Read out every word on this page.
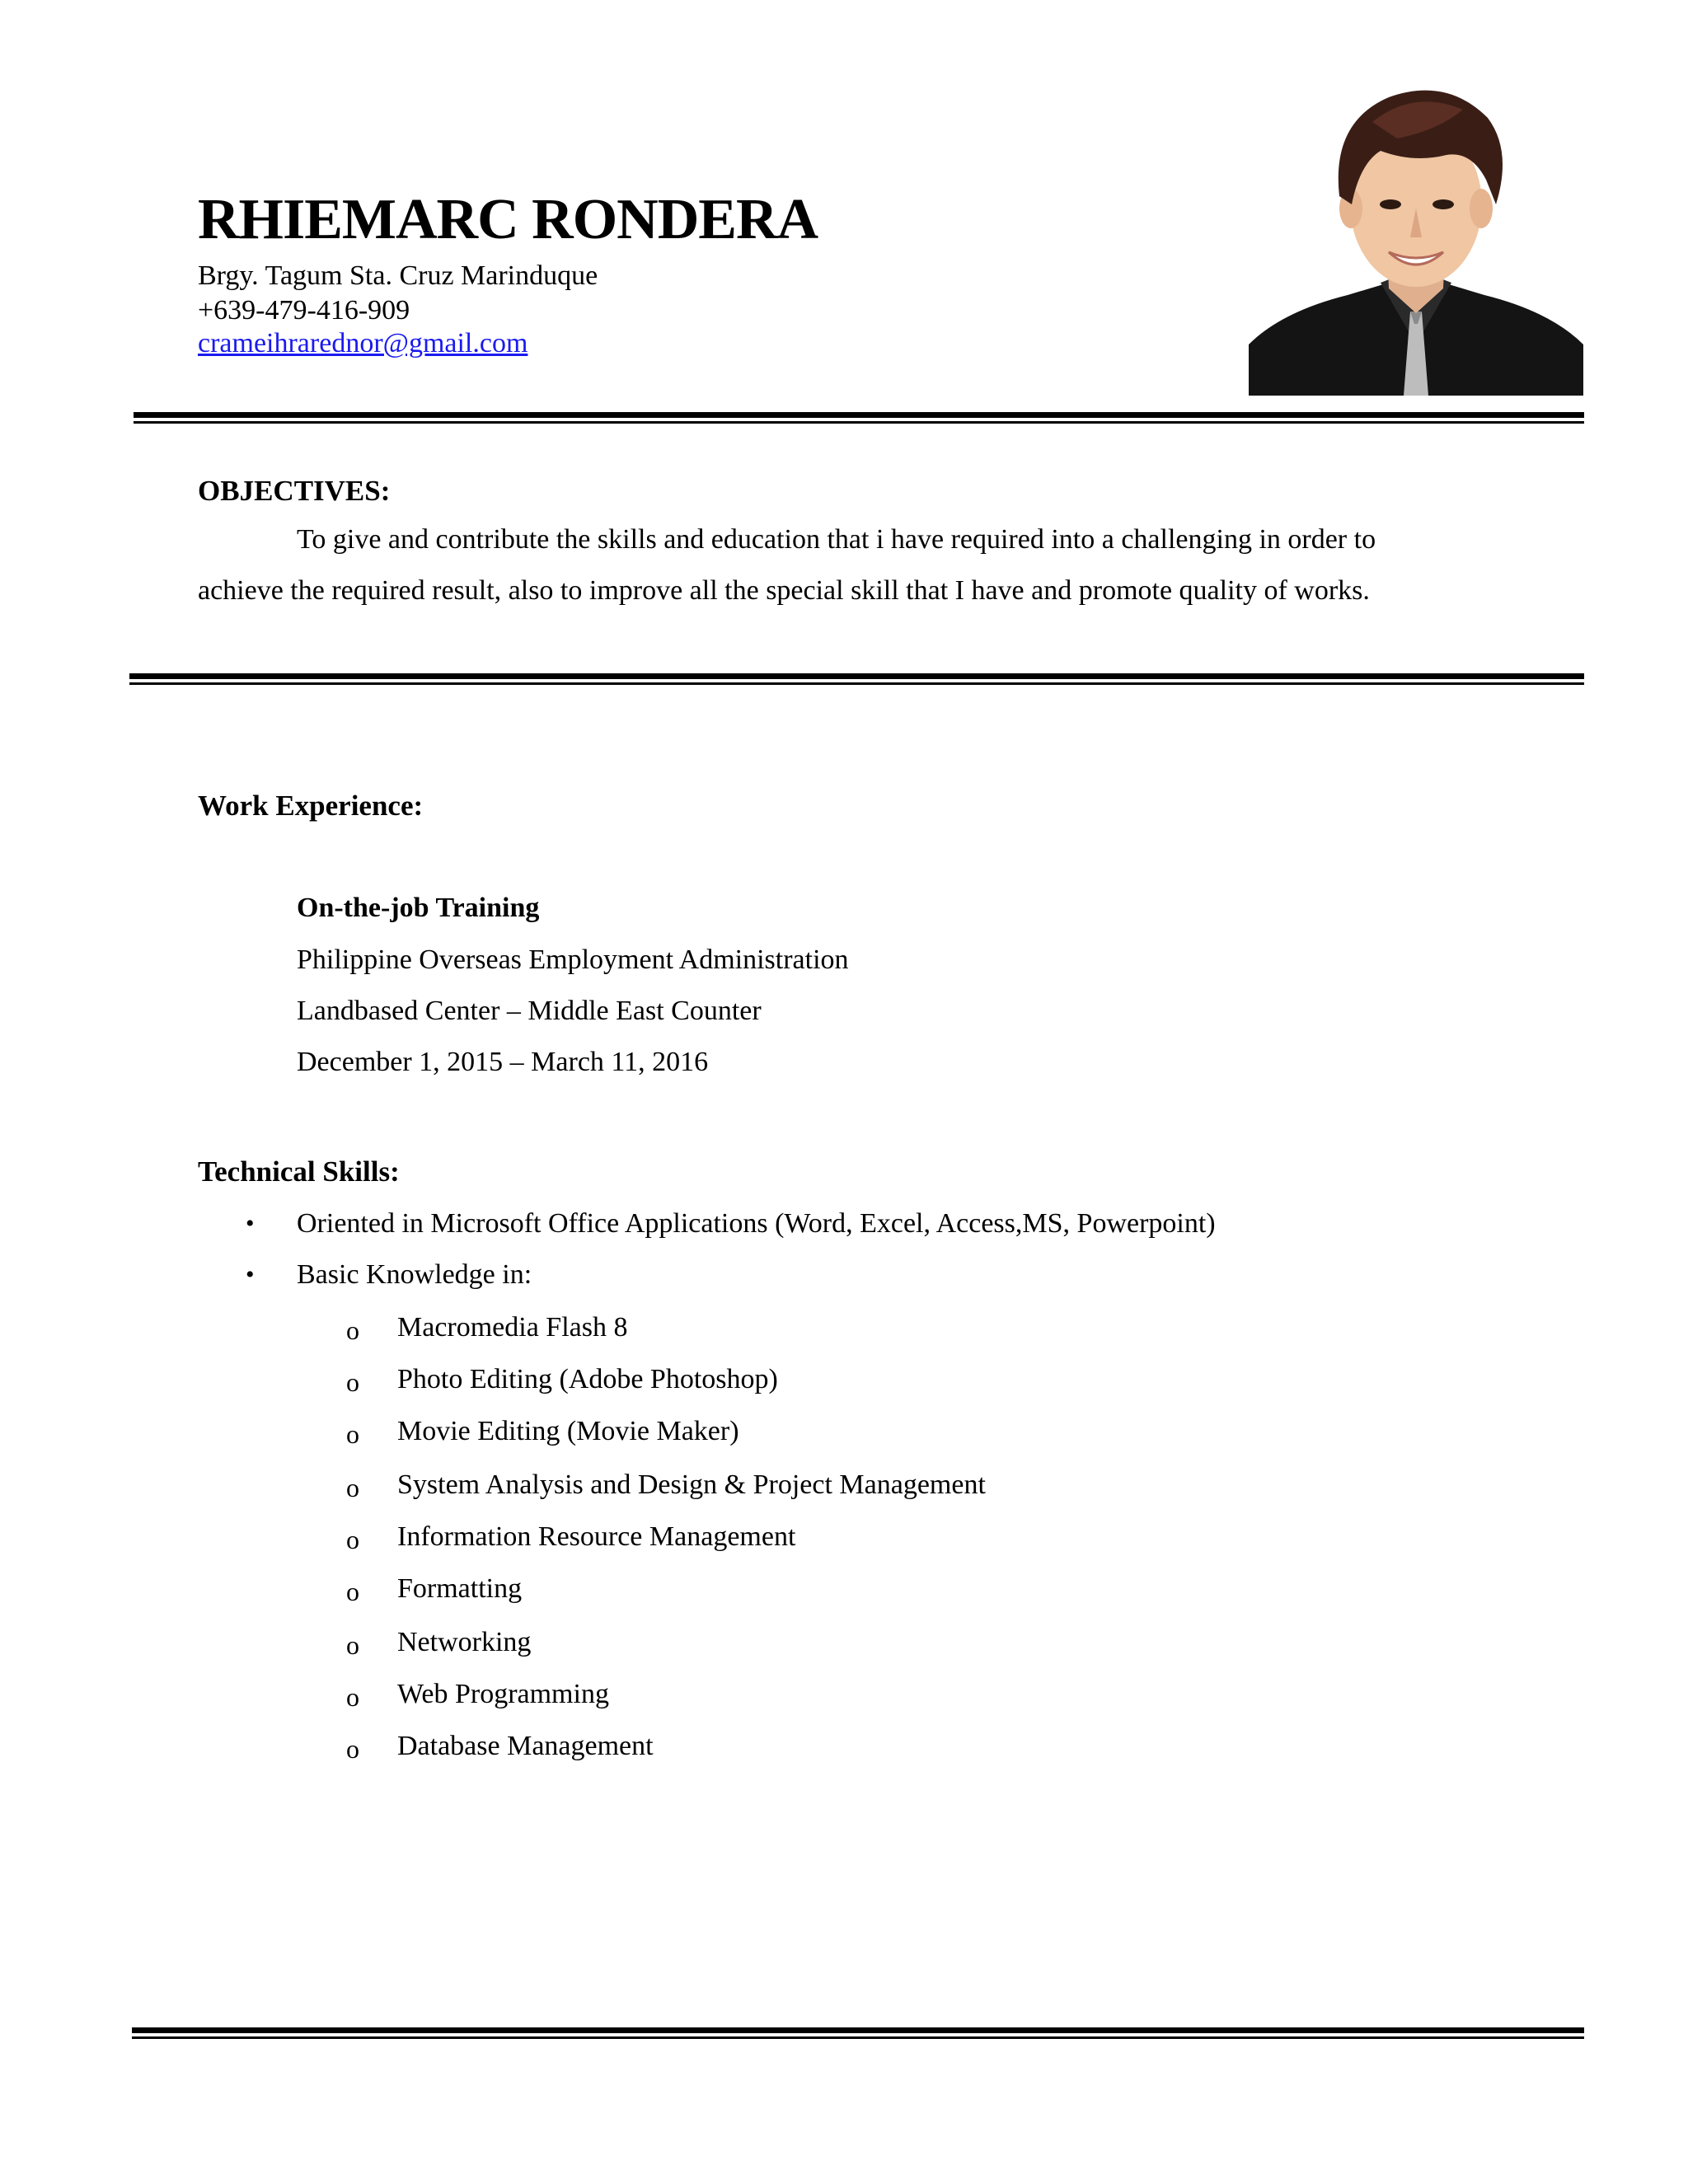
RHIEMARC RONDERA
Brgy. Tagum Sta. Cruz Marinduque
+639-479-416-909
crameihrarednor@gmail.com
OBJECTIVES:
To give and contribute the skills and education that i have required into a challenging in order to
achieve the required result, also to improve all the special skill that I have and promote quality of works.
Work Experience:
On-the-job Training
Philippine Overseas Employment Administration
Landbased Center – Middle East Counter
December 1, 2015 – March 11, 2016
Technical Skills:
• Oriented in Microsoft Office Applications (Word, Excel, Access,MS, Powerpoint)
• Basic Knowledge in:
o Macromedia Flash 8
o Photo Editing (Adobe Photoshop)
o Movie Editing (Movie Maker)
o System Analysis and Design & Project Management
o Information Resource Management
o Formatting
o Networking
o Web Programming
o Database Management
